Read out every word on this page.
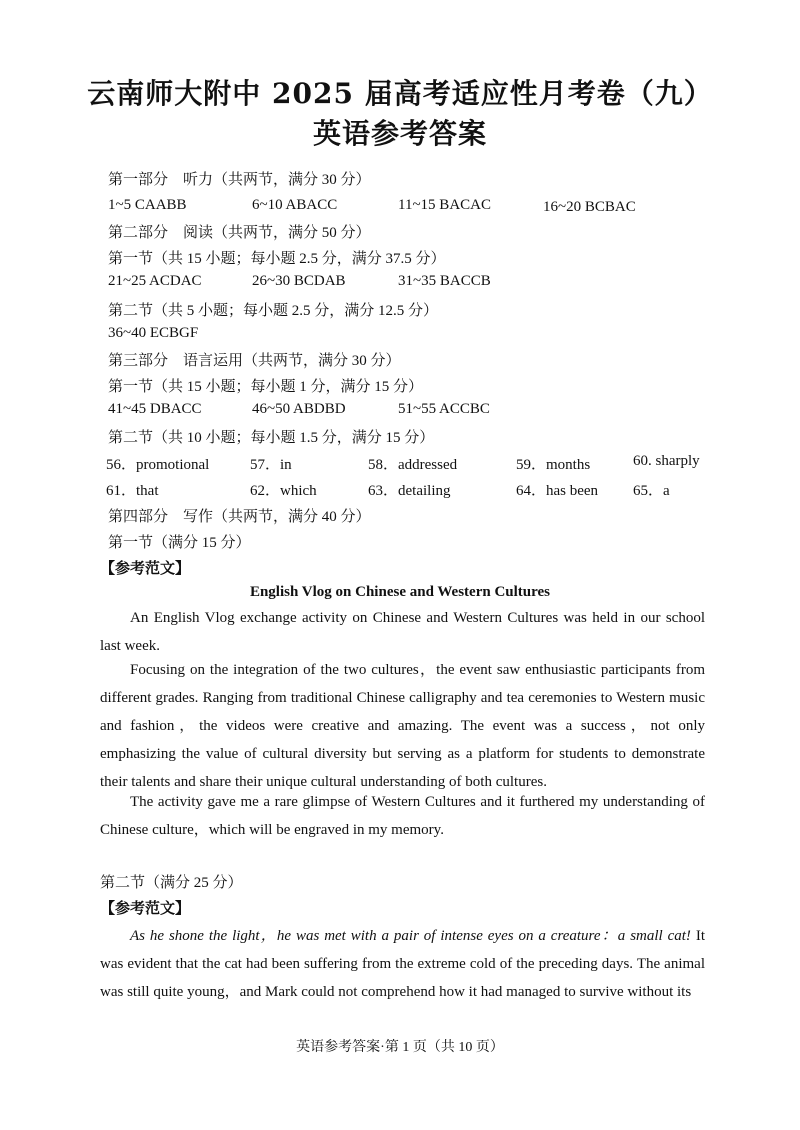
云南师大附中 2025 届高考适应性月考卷（九）
英语参考答案
第一部分　听力（共两节，满分 30 分）
1~5 CAABB	6~10 ABACC	11~15 BACAC	16~20 BCBAC
第二部分　阅读（共两节，满分 50 分）
第一节（共 15 小题；每小题 2.5 分，满分 37.5 分）
21~25 ACDAC	26~30 BCDAB	31~35 BACCB
第二节（共 5 小题；每小题 2.5 分，满分 12.5 分）
36~40 ECBGF
第三部分　语言运用（共两节，满分 30 分）
第一节（共 15 小题；每小题 1 分，满分 15 分）
41~45 DBACC	46~50 ABDBD	51~55 ACCBC
第二节（共 10 小题；每小题 1.5 分，满分 15 分）
56．promotional	57．in	58．addressed	59．months	60. sharply
61．that	62．which	63．detailing	64．has been 65．a
第四部分　写作（共两节，满分 40 分）
第一节（满分 15 分）
【参考范文】
English Vlog on Chinese and Western Cultures

An English Vlog exchange activity on Chinese and Western Cultures was held in our school last week.

Focusing on the integration of the two cultures，the event saw enthusiastic participants from different grades. Ranging from traditional Chinese calligraphy and tea ceremonies to Western music and fashion，the videos were creative and amazing. The event was a success，not only emphasizing the value of cultural diversity but serving as a platform for students to demonstrate their talents and share their unique cultural understanding of both cultures.

The activity gave me a rare glimpse of Western Cultures and it furthered my understanding of Chinese culture，which will be engraved in my memory.

第二节（满分 25 分）
【参考范文】

As he shone the light，he was met with a pair of intense eyes on a creature：a small cat! It was evident that the cat had been suffering from the extreme cold of the preceding days. The animal was still quite young，and Mark could not comprehend how it had managed to survive without its

英语参考答案·第 1 页（共 10 页）
